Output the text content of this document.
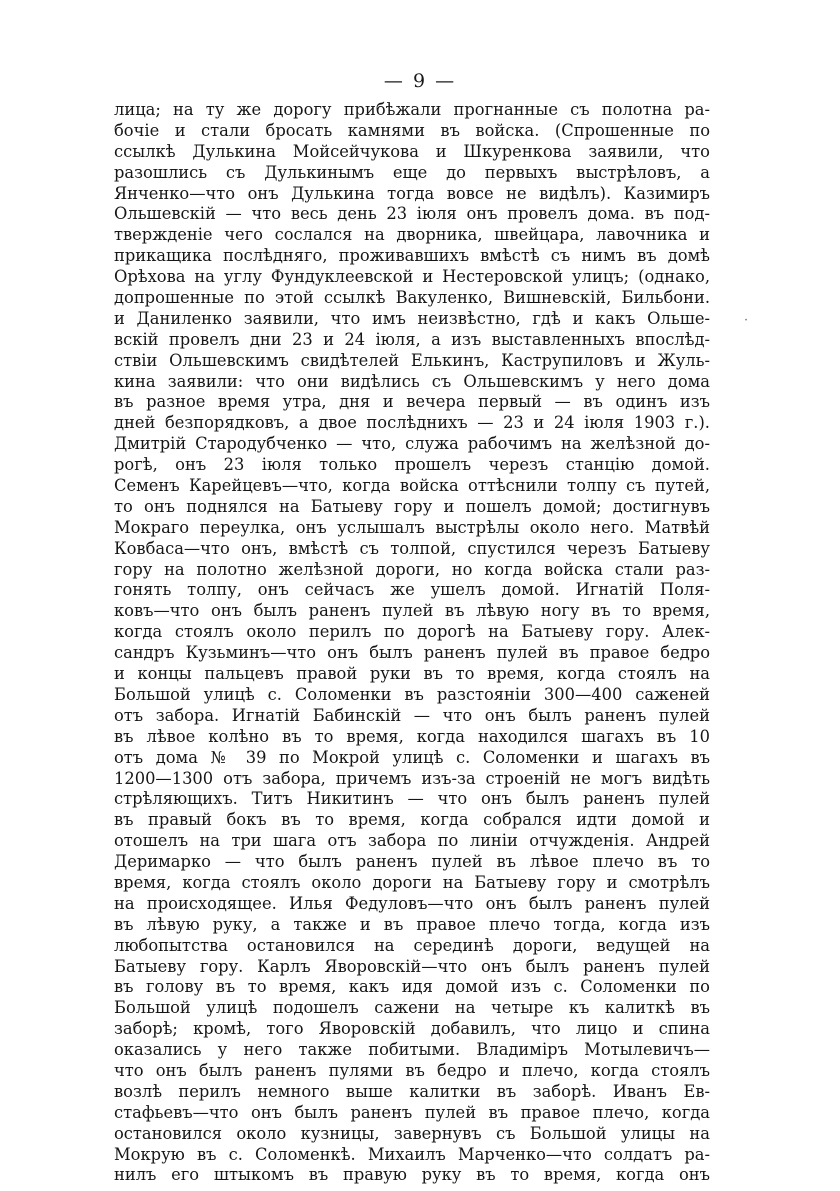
— 9 —
·
лица; на ту же дорогу прибѣжали прогнанные съ полотна ра-
бочіе и стали бросать камнями въ войска. (Спрошенные по
ссылкѣ Дулькина Мойсейчукова и Шкуренкова заявили, что
разошлись съ Дулькинымъ еще до первыхъ выстрѣловъ, а
Янченко—что онъ Дулькина тогда вовсе не видѣлъ). Казимиръ
Ольшевскій — что весь день 23 іюля онъ провелъ дома. въ под-
твержденіе чего сослался на дворника, швейцара, лавочника и
прикащика послѣдняго, проживавшихъ вмѣстѣ съ нимъ въ домѣ
Орѣхова на углу Фундуклеевской и Нестеровской улицъ; (однако,
допрошенные по этой ссылкѣ Вакуленко, Вишневскій, Бильбони.
и Даниленко заявили, что имъ неизвѣстно, гдѣ и какъ Ольше-
вскій провелъ дни 23 и 24 іюля, а изъ выставленныхъ впослѣд-
ствіи Ольшевскимъ свидѣтелей Елькинъ, Каструпиловъ и Жуль-
кина заявили: что они видѣлись съ Ольшевскимъ у него дома
въ разное время утра, дня и вечера первый — въ одинъ изъ
дней безпорядковъ, а двое послѣднихъ — 23 и 24 іюля 1903 г.).
Дмитрій Стародубченко — что, служа рабочимъ на желѣзной до-
рогѣ, онъ 23 іюля только прошелъ черезъ станцію домой.
Семенъ Карейцевъ—что, когда войска оттѣснили толпу съ путей,
то онъ поднялся на Батыеву гору и пошелъ домой; достигнувъ
Мокраго переулка, онъ услышалъ выстрѣлы около него. Матвѣй
Ковбаса—что онъ, вмѣстѣ съ толпой, спустился черезъ Батыеву
гору на полотно желѣзной дороги, но когда войска стали раз-
гонять толпу, онъ сейчасъ же ушелъ домой. Игнатій Поля-
ковъ—что онъ былъ раненъ пулей въ лѣвую ногу въ то время,
когда стоялъ около перилъ по дорогѣ на Батыеву гору. Алек-
сандръ Кузьминъ—что онъ былъ раненъ пулей въ правое бедро
и концы пальцевъ правой руки въ то время, когда стоялъ на
Большой улицѣ с. Соломенки въ разстояніи 300—400 саженей
отъ забора. Игнатій Бабинскій — что онъ былъ раненъ пулей
въ лѣвое колѣно въ то время, когда находился шагахъ въ 10
отъ дома № 39 по Мокрой улицѣ с. Соломенки и шагахъ въ
1200—1300 отъ забора, причемъ изъ-за строеній не могъ видѣть
стрѣляющихъ. Титъ Никитинъ — что онъ былъ раненъ пулей
въ правый бокъ въ то время, когда собрался идти домой и
отошелъ на три шага отъ забора по линіи отчужденія. Андрей
Деримарко — что былъ раненъ пулей въ лѣвое плечо въ то
время, когда стоялъ около дороги на Батыеву гору и смотрѣлъ
на происходящее. Илья Федуловъ—что онъ былъ раненъ пулей
въ лѣвую руку, а также и въ правое плечо тогда, когда изъ
любопытства остановился на серединѣ дороги, ведущей на
Батыеву гору. Карлъ Яворовскій—что онъ былъ раненъ пулей
въ голову въ то время, какъ идя домой изъ с. Соломенки по
Большой улицѣ подошелъ сажени на четыре къ калиткѣ въ
заборѣ; кромѣ, того Яворовскій добавилъ, что лицо и спина
оказались у него также побитыми. Владиміръ Мотылевичъ—
что онъ былъ раненъ пулями въ бедро и плечо, когда стоялъ
возлѣ перилъ немного выше калитки въ заборѣ. Иванъ Ев-
стафьевъ—что онъ былъ раненъ пулей въ правое плечо, когда
остановился около кузницы, завернувъ съ Большой улицы на
Мокрую въ с. Соломенкѣ. Михаилъ Марченко—что солдатъ ра-
нилъ его штыкомъ въ правую руку въ то время, когда онъ
